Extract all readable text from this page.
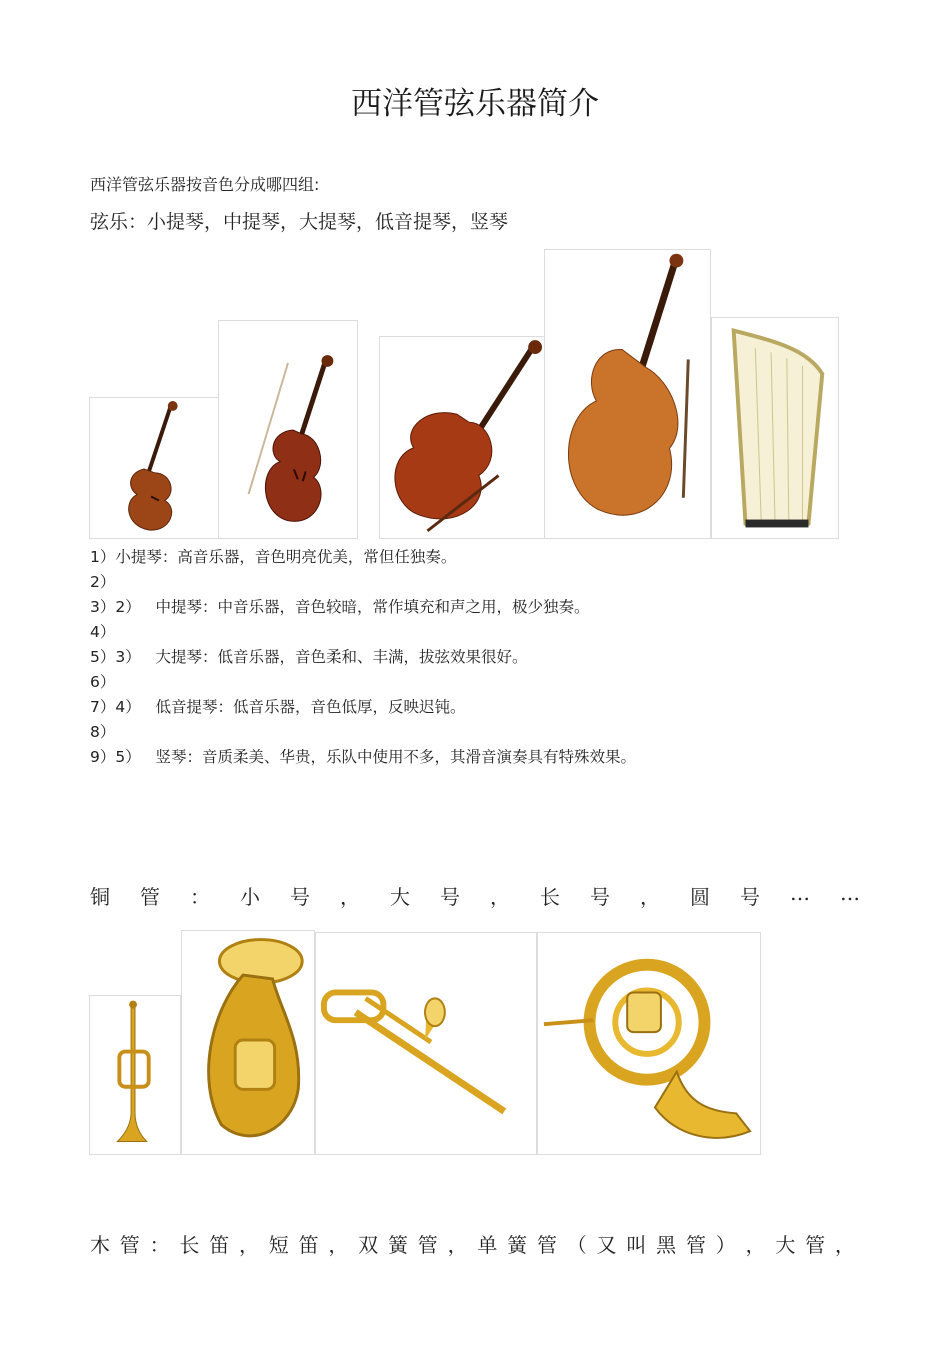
西洋管弦乐器简介
西洋管弦乐器按音色分成哪四组:
弦乐：小提琴，中提琴，大提琴，低音提琴，竖琴
1）小提琴：高音乐器，音色明亮优美，常但任独奏。
2）
3）2）   中提琴：中音乐器，音色较暗，常作填充和声之用，极少独奏。
4）
5）3）   大提琴：低音乐器，音色柔和、丰满，拔弦效果很好。
6）
7）4）   低音提琴：低音乐器，音色低厚，反映迟钝。
8）
9）5）   竖琴：音质柔美、华贵，乐队中使用不多，其滑音演奏具有特殊效果。
铜 管 ： 小 号 ， 大 号 ， 长 号 ， 圆 号 … …
木 管 ： 长 笛 ， 短 笛 ， 双 簧 管 ， 单 簧 管 （ 又 叫 黑 管 ） ， 大 管 ，
